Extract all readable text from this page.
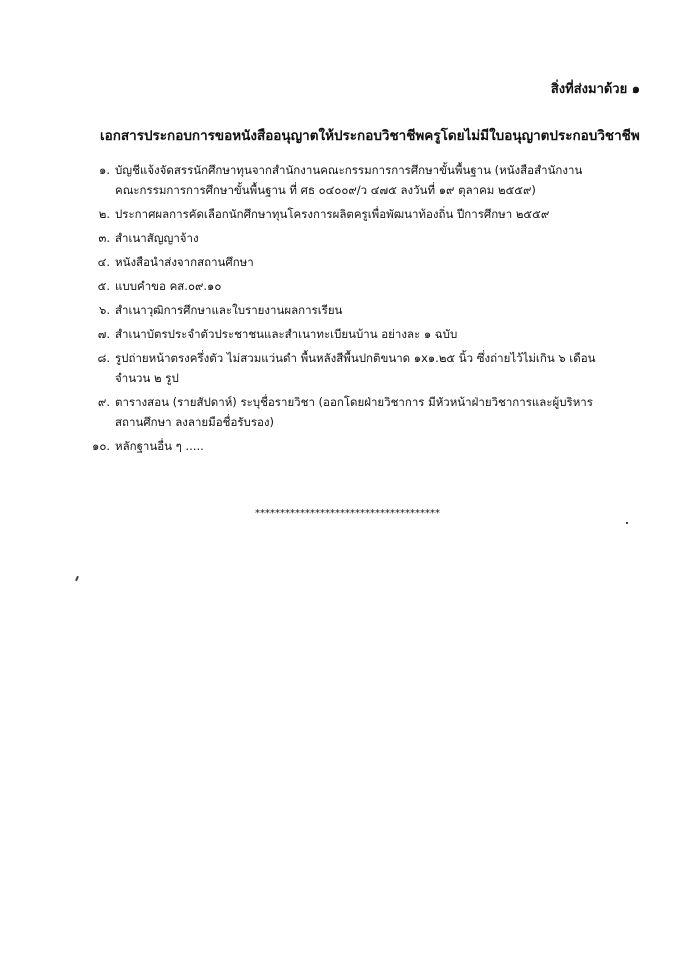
สิ่งที่ส่งมาด้วย ๑
เอกสารประกอบการขอหนังสืออนุญาตให้ประกอบวิชาชีพครูโดยไม่มีใบอนุญาตประกอบวิชาชีพ
๑. บัญชีแจ้งจัดสรรนักศึกษาทุนจากสำนักงานคณะกรรมการการศึกษาขั้นพื้นฐาน (หนังสือสำนักงาน
คณะกรรมการการศึกษาขั้นพื้นฐาน ที่ ศธ ๐๔๐๐๙/ว ๔๗๕ ลงวันที่ ๑๙ ตุลาคม ๒๕๕๙)
๒. ประกาศผลการคัดเลือกนักศึกษาทุนโครงการผลิตครูเพื่อพัฒนาท้องถิ่น ปีการศึกษา ๒๕๕๙
๓. สำเนาสัญญาจ้าง
๔. หนังสือนำส่งจากสถานศึกษา
๕. แบบคำขอ คส.๐๙.๑๐
๖. สำเนาวุฒิการศึกษาและใบรายงานผลการเรียน
๗. สำเนาบัตรประจำตัวประชาชนและสำเนาทะเบียนบ้าน อย่างละ ๑ ฉบับ
๘. รูปถ่ายหน้าตรงครึ่งตัว ไม่สวมแว่นดำ พื้นหลังสีพื้นปกติขนาด ๑x๑.๒๕ นิ้ว ซึ่งถ่ายไว้ไม่เกิน ๖ เดือน
จำนวน ๒ รูป
๙. ตารางสอน (รายสัปดาห์) ระบุชื่อรายวิชา (ออกโดยฝ่ายวิชาการ มีหัวหน้าฝ่ายวิชาการและผู้บริหาร
สถานศึกษา ลงลายมือชื่อรับรอง)
๑๐. หลักฐานอื่น ๆ .....
*************************************
